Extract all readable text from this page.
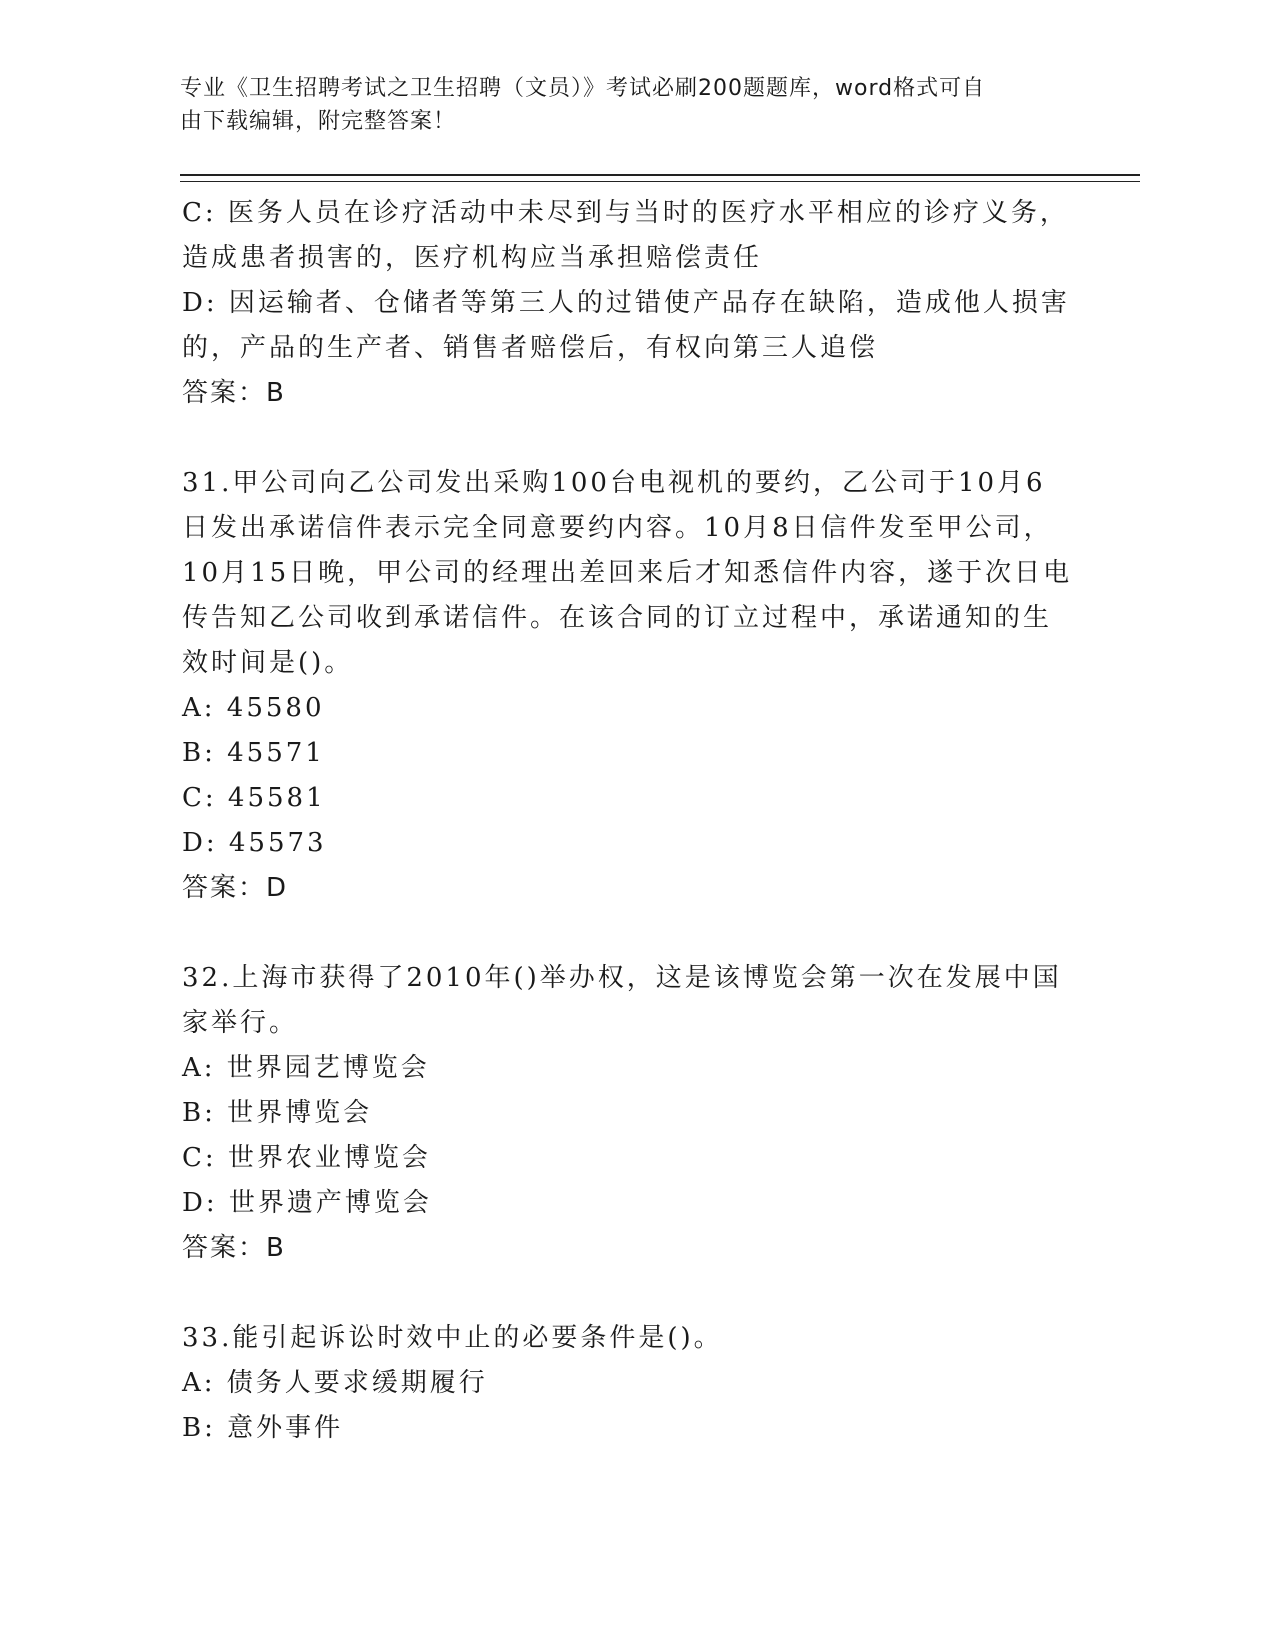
专业《卫生招聘考试之卫生招聘（文员）》考试必刷200题题库，word格式可自
由下载编辑，附完整答案！

C: 医务人员在诊疗活动中未尽到与当时的医疗水平相应的诊疗义务，

造成患者损害的，医疗机构应当承担赔偿责任

D: 因运输者、仓储者等第三人的过错使产品存在缺陷，造成他人损害

的，产品的生产者、销售者赔偿后，有权向第三人追偿

答案：B

31.甲公司向乙公司发出采购100台电视机的要约，乙公司于10月6

日发出承诺信件表示完全同意要约内容。10月8日信件发至甲公司，

10月15日晚，甲公司的经理出差回来后才知悉信件内容，遂于次日电

传告知乙公司收到承诺信件。在该合同的订立过程中，承诺通知的生

效时间是()。

A: 45580

B: 45571

C: 45581

D: 45573

答案：D

32.上海市获得了2010年()举办权，这是该博览会第一次在发展中国

家举行。

A: 世界园艺博览会

B: 世界博览会

C: 世界农业博览会

D: 世界遗产博览会

答案：B

33.能引起诉讼时效中止的必要条件是()。

A: 债务人要求缓期履行

B: 意外事件
